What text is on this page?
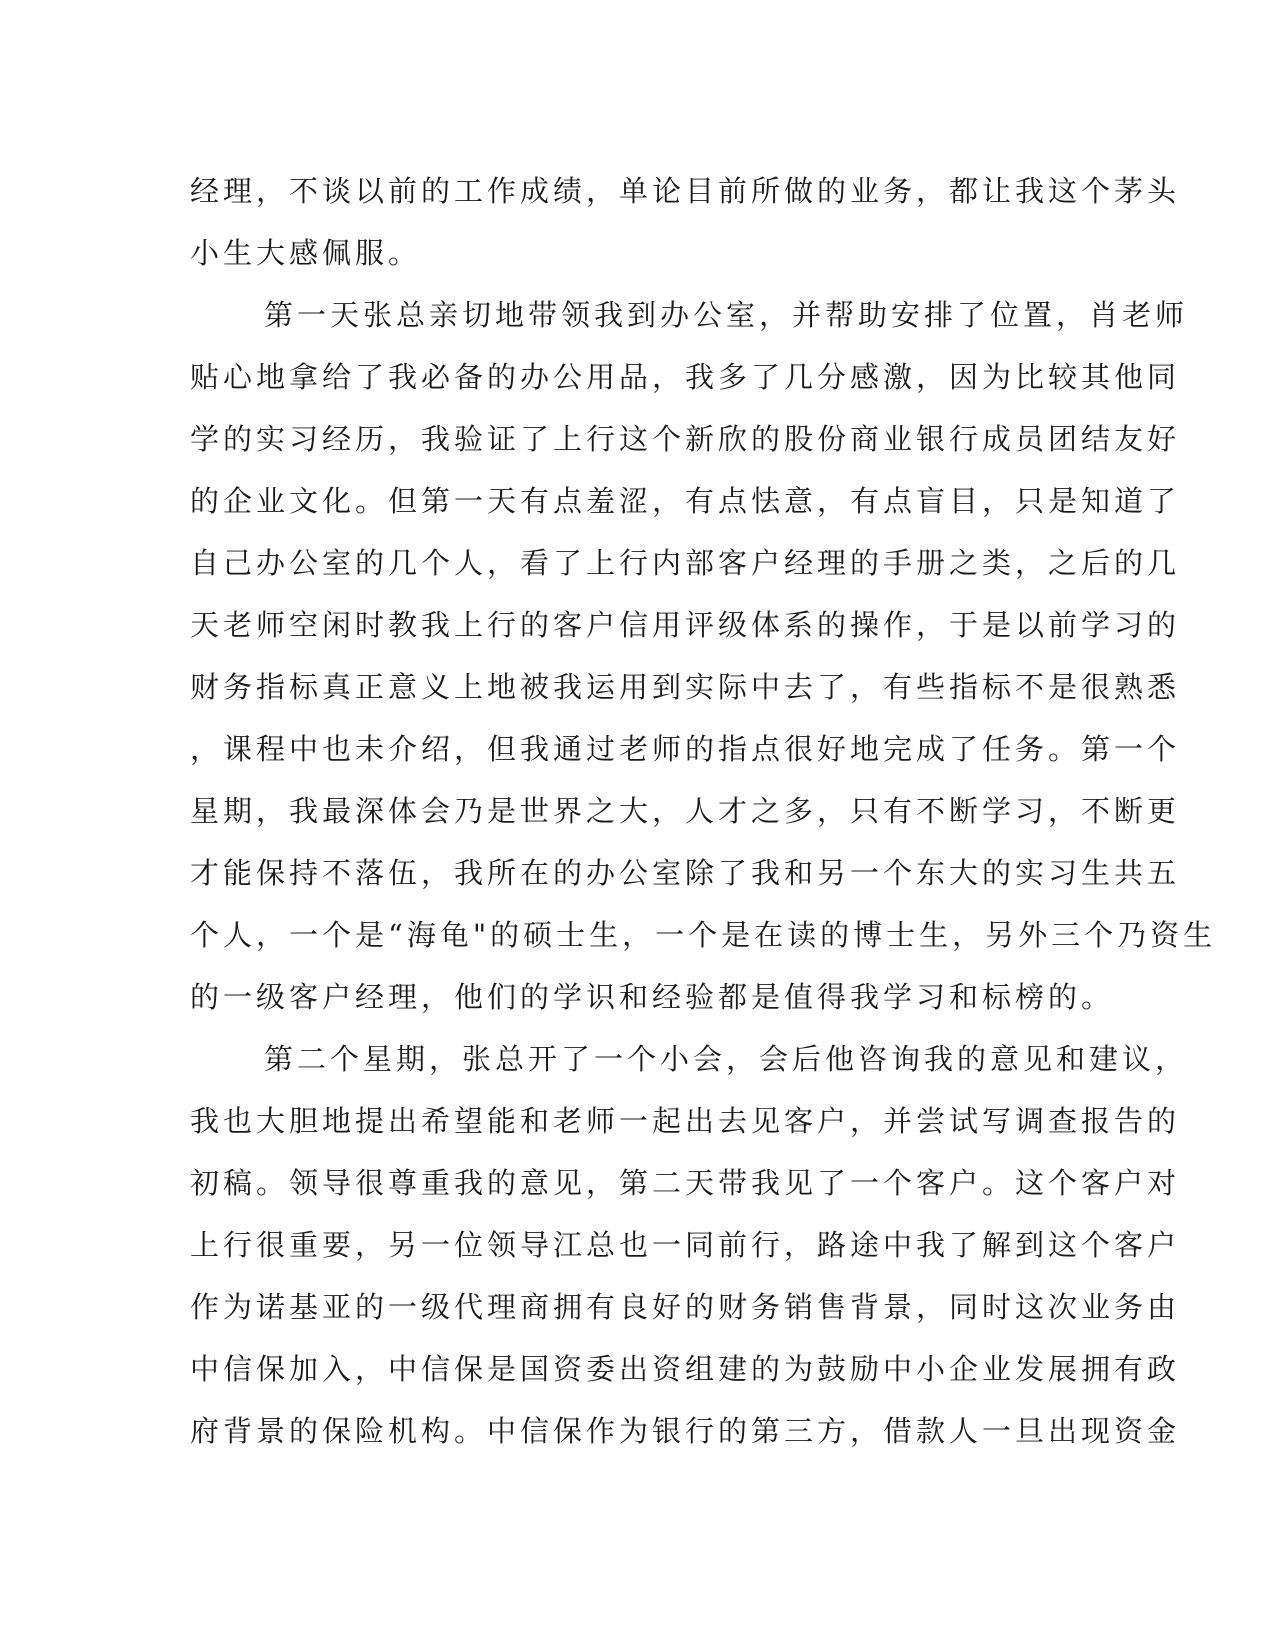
经理，不谈以前的工作成绩，单论目前所做的业务，都让我这个茅头
小生大感佩服。
第一天张总亲切地带领我到办公室，并帮助安排了位置，肖老师
贴心地拿给了我必备的办公用品，我多了几分感激，因为比较其他同
学的实习经历，我验证了上行这个新欣的股份商业银行成员团结友好
的企业文化。但第一天有点羞涩，有点怯意，有点盲目，只是知道了
自己办公室的几个人，看了上行内部客户经理的手册之类，之后的几
天老师空闲时教我上行的客户信用评级体系的操作，于是以前学习的
财务指标真正意义上地被我运用到实际中去了，有些指标不是很熟悉
，课程中也未介绍，但我通过老师的指点很好地完成了任务。第一个
星期，我最深体会乃是世界之大，人才之多，只有不断学习，不断更
才能保持不落伍，我所在的办公室除了我和另一个东大的实习生共五
个人，一个是“海龟"的硕士生，一个是在读的博士生，另外三个乃资生
的一级客户经理，他们的学识和经验都是值得我学习和标榜的。
第二个星期，张总开了一个小会，会后他咨询我的意见和建议，
我也大胆地提出希望能和老师一起出去见客户，并尝试写调查报告的
初稿。领导很尊重我的意见，第二天带我见了一个客户。这个客户对
上行很重要，另一位领导江总也一同前行，路途中我了解到这个客户
作为诺基亚的一级代理商拥有良好的财务销售背景，同时这次业务由
中信保加入，中信保是国资委出资组建的为鼓励中小企业发展拥有政
府背景的保险机构。中信保作为银行的第三方，借款人一旦出现资金
